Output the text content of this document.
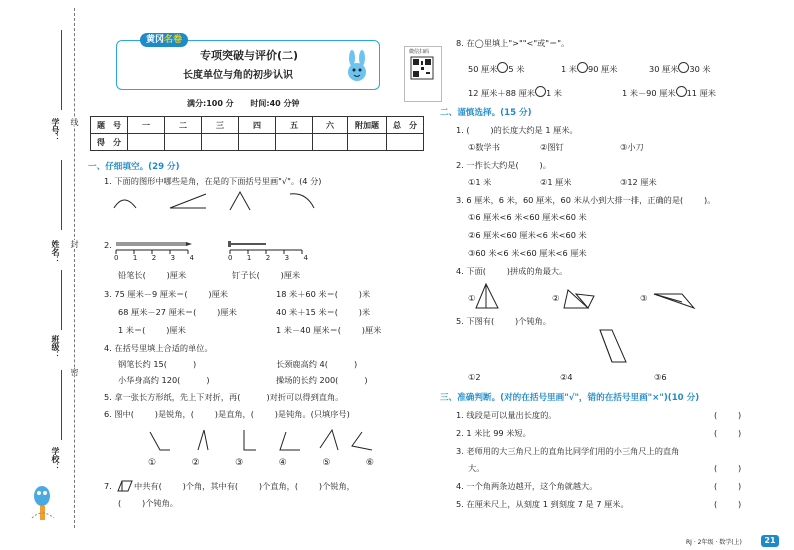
学号：
姓名：
班级：
学校：
线
封
密
黄冈名卷
专项突破与评价(二)
长度单位与角的初步认识
满分:100 分      时间:40 分钟
微信扫码
题　号	一	二	三	四	五	六	附加题	总　分
得　分								
一、仔细填空。(29 分)
1. 下面的图形中哪些是角，在是的下面括号里画"√"。(4 分)
2.
0 1 2 3 4	0 1 2 3 4
铅笔长(        )厘米	钉子长(        )厘米
3. 75 厘米－9 厘米＝(        )厘米	18 米＋60 米＝(        )米
68 厘米－27 厘米＝(        )厘米	40 米＋15 米＝(        )米
1 米＝(        )厘米	1 米－40 厘米＝(        )厘米
4. 在括号里填上合适的单位。
钢笔长约 15(          )	长颈鹿高约 4(          )
小华身高约 120(          )	操场的长约 200(          )
5. 拿一张长方形纸，先上下对折，再(          )对折可以得到直角。
6. 图中(        )是锐角，(        )是直角，(        )是钝角。(只填序号)
①	②	③	④	⑤	⑥
7.	中共有(        )个角，其中有(        )个直角，(        )个锐角，
(        )个钝角。
8. 在◯里填上">""<"或"＝"。
50 厘米 5 米	1 米 90 厘米	30 厘米 30 米
12 厘米＋88 厘米 1 米	1 米－90 厘米 11 厘米
二、谨慎选择。(15 分)
1. (        )的长度大约是 1 厘米。
①数学书	②图钉	③小刀
2. 一拃长大约是(        )。
①1 米	②1 厘米	③12 厘米
3. 6 厘米，6 米，60 厘米，60 米从小到大排一排，正确的是(        )。
①6 厘米<6 米<60 厘米<60 米
②6 厘米<60 厘米<6 米<60 米
③60 米<6 米<60 厘米<6 厘米
4. 下面(        )拼成的角最大。
①	②	③
5. 下图有(        )个钝角。
①2	②4	③6
三、准确判断。(对的在括号里画"√"，错的在括号里画"×")(10 分)
1. 线段是可以量出长度的。	(        )
2. 1 米比 99 米短。	(        )
3. 老师用的大三角尺上的直角比同学们用的小三角尺上的直角
大。	(        )
4. 一个角两条边越开，这个角就越大。	(        )
5. 在厘米尺上，从刻度 1 到刻度 7 是 7 厘米。	(        )
RJ · 2年级 · 数学(上)	21
